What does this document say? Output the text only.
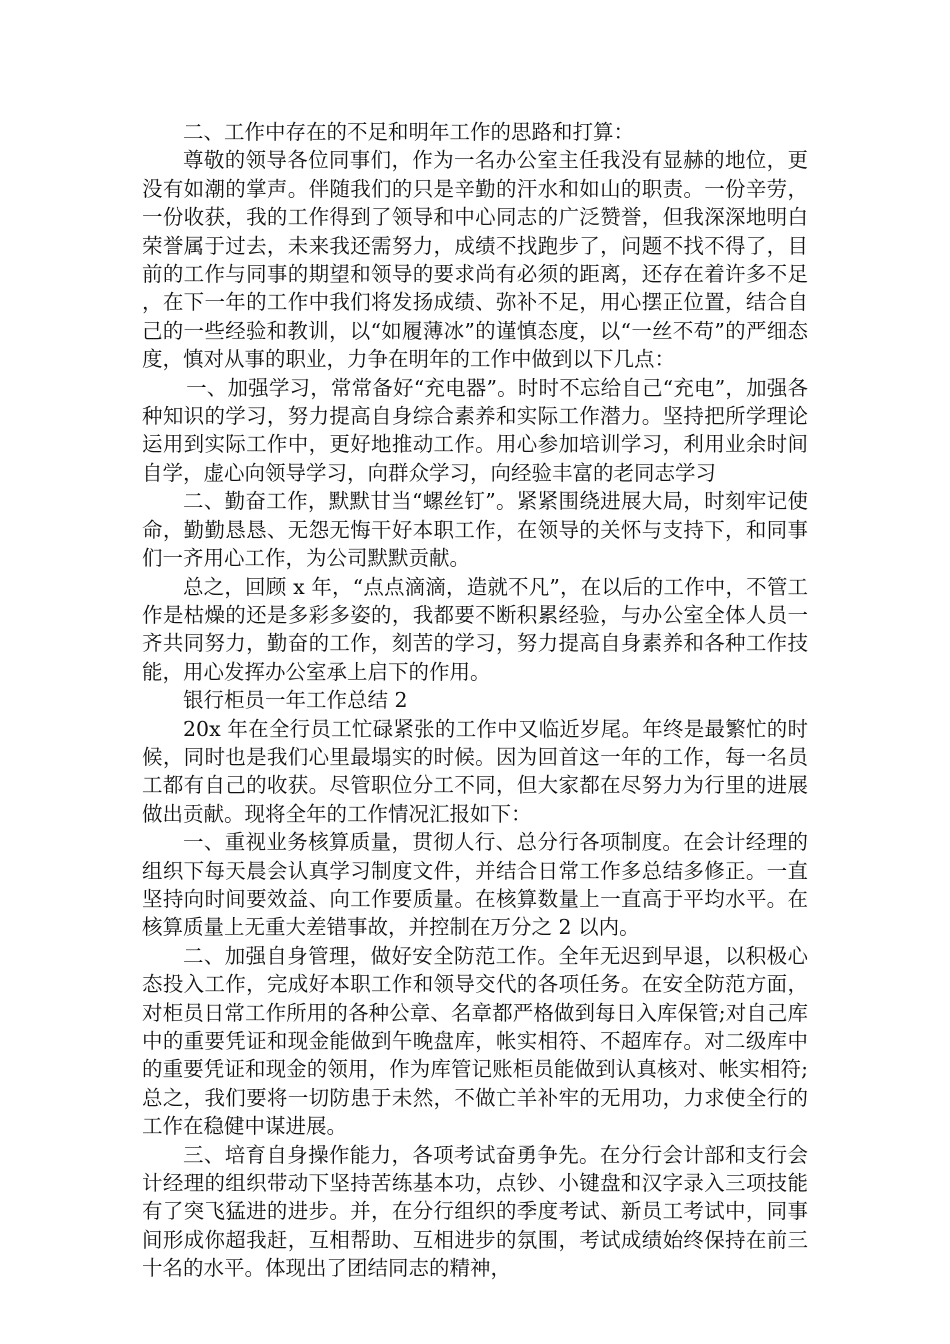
二、工作中存在的不足和明年工作的思路和打算：

尊敬的领导各位同事们，作为一名办公室主任我没有显赫的地位，更没有如潮的掌声。伴随我们的只是辛勤的汗水和如山的职责。一份辛劳，一份收获，我的工作得到了领导和中心同志的广泛赞誉，但我深深地明白荣誉属于过去，未来我还需努力，成绩不找跑步了，问题不找不得了，目前的工作与同事的期望和领导的要求尚有必须的距离，还存在着许多不足，在下一年的工作中我们将发扬成绩、弥补不足，用心摆正位置，结合自己的一些经验和教训，以“如履薄冰”的谨慎态度，以“一丝不苟”的严细态度，慎对从事的职业，力争在明年的工作中做到以下几点：

一、加强学习，常常备好“充电器”。时时不忘给自己“充电”，加强各种知识的学习，努力提高自身综合素养和实际工作潜力。坚持把所学理论运用到实际工作中，更好地推动工作。用心参加培训学习，利用业余时间自学，虚心向领导学习，向群众学习，向经验丰富的老同志学习

二、勤奋工作，默默甘当“螺丝钉”。紧紧围绕进展大局，时刻牢记使命，勤勤恳恳、无怨无悔干好本职工作，在领导的关怀与支持下，和同事们一齐用心工作，为公司默默贡献。

总之，回顾 x 年，“点点滴滴，造就不凡”，在以后的工作中，不管工作是枯燥的还是多彩多姿的，我都要不断积累经验，与办公室全体人员一齐共同努力，勤奋的工作，刻苦的学习，努力提高自身素养和各种工作技能，用心发挥办公室承上启下的作用。

银行柜员一年工作总结 2

20x 年在全行员工忙碌紧张的工作中又临近岁尾。年终是最繁忙的时候，同时也是我们心里最塌实的时候。因为回首这一年的工作，每一名员工都有自己的收获。尽管职位分工不同，但大家都在尽努力为行里的进展做出贡献。现将全年的工作情况汇报如下：

一、重视业务核算质量，贯彻人行、总分行各项制度。在会计经理的组织下每天晨会认真学习制度文件，并结合日常工作多总结多修正。一直坚持向时间要效益、向工作要质量。在核算数量上一直高于平均水平。在核算质量上无重大差错事故，并控制在万分之 2 以内。

二、加强自身管理，做好安全防范工作。全年无迟到早退，以积极心态投入工作，完成好本职工作和领导交代的各项任务。在安全防范方面，对柜员日常工作所用的各种公章、名章都严格做到每日入库保管;对自己库中的重要凭证和现金能做到午晚盘库，帐实相符、不超库存。对二级库中的重要凭证和现金的领用，作为库管记账柜员能做到认真核对、帐实相符;总之，我们要将一切防患于未然，不做亡羊补牢的无用功，力求使全行的工作在稳健中谋进展。

三、培育自身操作能力，各项考试奋勇争先。在分行会计部和支行会计经理的组织带动下坚持苦练基本功，点钞、小键盘和汉字录入三项技能有了突飞猛进的进步。并，在分行组织的季度考试、新员工考试中，同事间形成你超我赶，互相帮助、互相进步的氛围，考试成绩始终保持在前三十名的水平。体现出了团结同志的精神，
